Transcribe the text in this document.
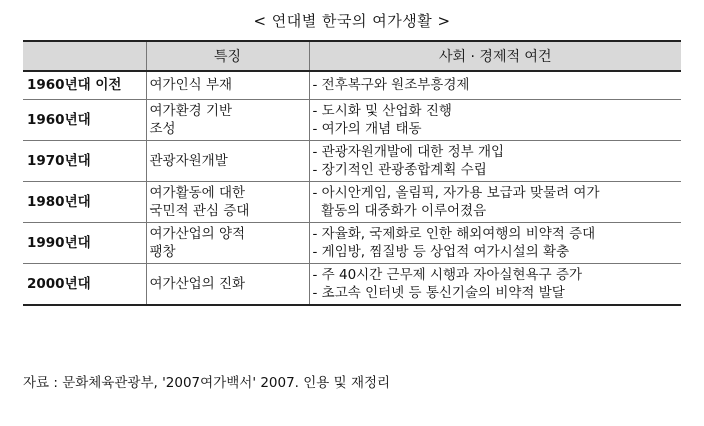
< 연대별 한국의 여가생활 >
	특징	사회 · 경제적 여건
1960년대 이전	여가인식 부재	- 전후복구와 원조부흥경제

1960년대	여가환경 기반
조성	- 도시화 및 산업화 진행
- 여가의 개념 태동

1970년대	관광자원개발	- 관광자원개발에 대한 정부 개입
- 장기적인 관광종합계획 수립

1980년대	여가활동에 대한
국민적 관심 증대	- 아시안게임, 올림픽, 자가용 보급과 맞물려 여가
활동의 대중화가 이루어졌음

1990년대	여가산업의 양적
팽창	- 자율화, 국제화로 인한 해외여행의 비약적 증대
- 게임방, 찜질방 등 상업적 여가시설의 확충

2000년대	여가산업의 진화	- 주 40시간 근무제 시행과 자아실현욕구 증가
- 초고속 인터넷 등 통신기술의 비약적 발달
자료 : 문화체육관광부, '2007여가백서' 2007. 인용 및 재정리
